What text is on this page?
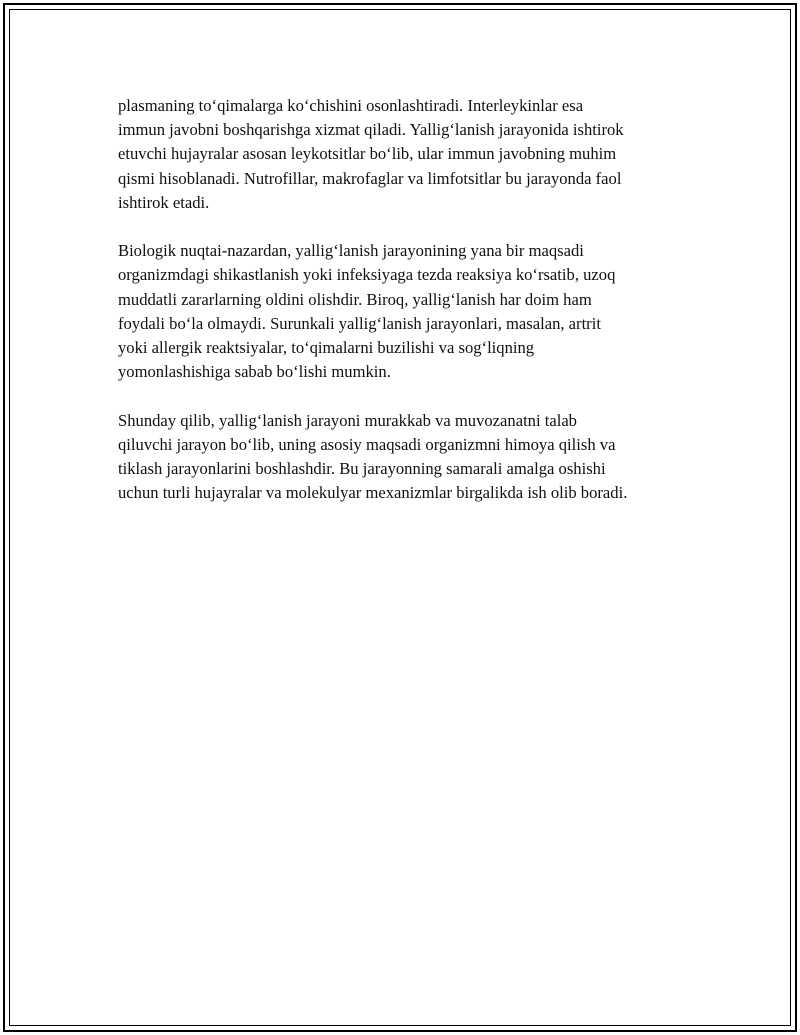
plasmaning to‘qimalarga ko‘chishini osonlashtiradi. Interleykinlar esa
immun javobni boshqarishga xizmat qiladi. Yallig‘lanish jarayonida ishtirok
etuvchi hujayralar asosan leykotsitlar bo‘lib, ular immun javobning muhim
qismi hisoblanadi. Nutrofillar, makrofaglar va limfotsitlar bu jarayonda faol
ishtirok etadi.

Biologik nuqtai-nazardan, yallig‘lanish jarayonining yana bir maqsadi
organizmdagi shikastlanish yoki infeksiyaga tezda reaksiya ko‘rsatib, uzoq
muddatli zararlarning oldini olishdir. Biroq, yallig‘lanish har doim ham
foydali bo‘la olmaydi. Surunkali yallig‘lanish jarayonlari, masalan, artrit
yoki allergik reaktsiyalar, to‘qimalarni buzilishi va sog‘liqning
yomonlashishiga sabab bo‘lishi mumkin.

Shunday qilib, yallig‘lanish jarayoni murakkab va muvozanatni talab
qiluvchi jarayon bo‘lib, uning asosiy maqsadi organizmni himoya qilish va
tiklash jarayonlarini boshlashdir. Bu jarayonning samarali amalga oshishi
uchun turli hujayralar va molekulyar mexanizmlar birgalikda ish olib boradi.
